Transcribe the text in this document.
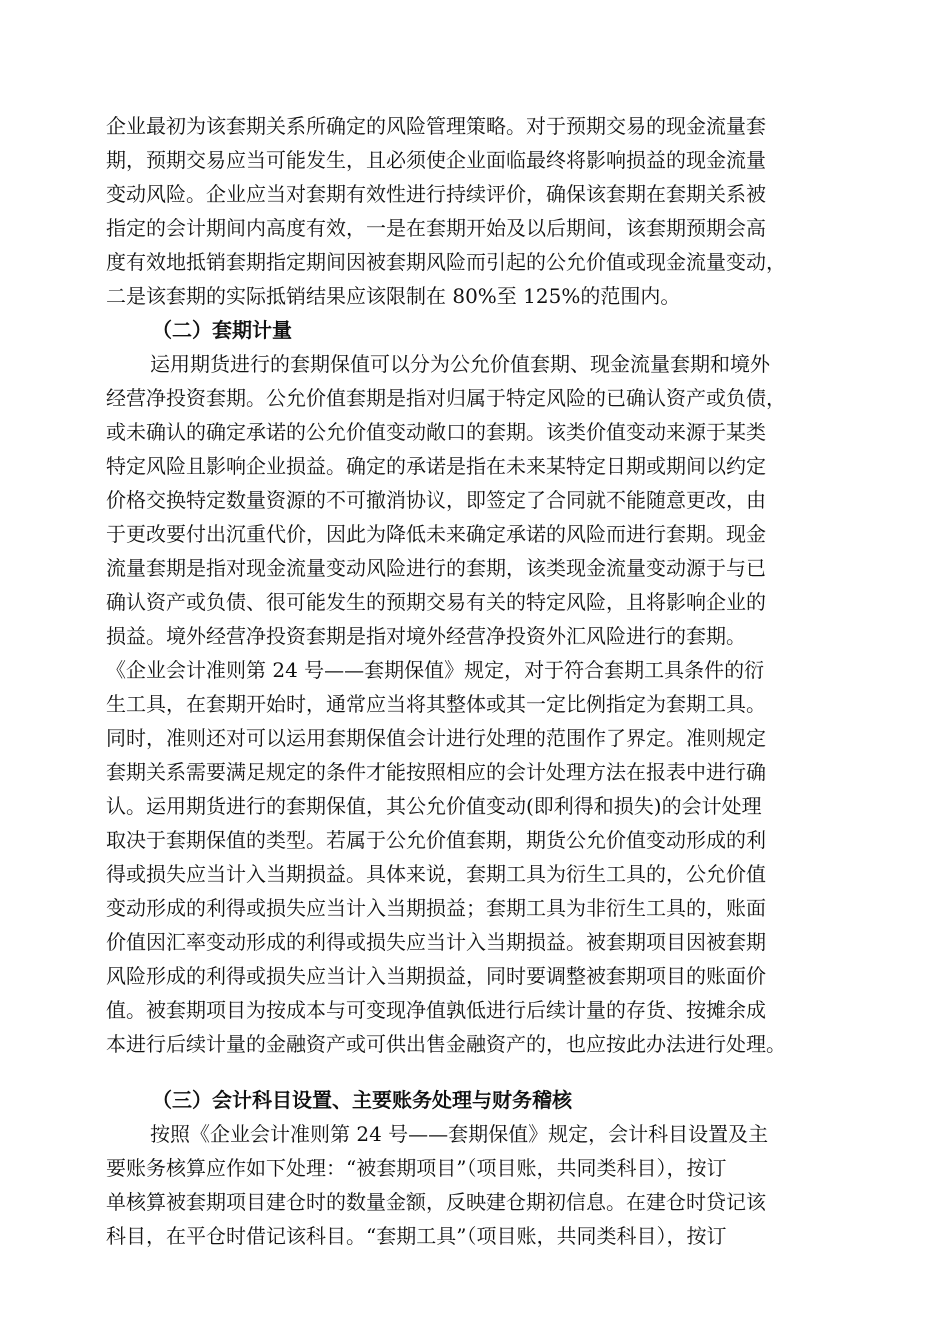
企业最初为该套期关系所确定的风险管理策略。对于预期交易的现金流量套
期，预期交易应当可能发生，且必须使企业面临最终将影响损益的现金流量
变动风险。企业应当对套期有效性进行持续评价，确保该套期在套期关系被
指定的会计期间内高度有效，一是在套期开始及以后期间，该套期预期会高
度有效地抵销套期指定期间因被套期风险而引起的公允价值或现金流量变动，
二是该套期的实际抵销结果应该限制在 80%至 125%的范围内。
（二）套期计量
运用期货进行的套期保值可以分为公允价值套期、现金流量套期和境外
经营净投资套期。公允价值套期是指对归属于特定风险的已确认资产或负债，
或未确认的确定承诺的公允价值变动敞口的套期。该类价值变动来源于某类
特定风险且影响企业损益。确定的承诺是指在未来某特定日期或期间以约定
价格交换特定数量资源的不可撤消协议，即签定了合同就不能随意更改，由
于更改要付出沉重代价，因此为降低未来确定承诺的风险而进行套期。现金
流量套期是指对现金流量变动风险进行的套期，该类现金流量变动源于与已
确认资产或负债、很可能发生的预期交易有关的特定风险，且将影响企业的
损益。境外经营净投资套期是指对境外经营净投资外汇风险进行的套期。
《企业会计准则第 24 号——套期保值》规定，对于符合套期工具条件的衍
生工具，在套期开始时，通常应当将其整体或其一定比例指定为套期工具。
同时，准则还对可以运用套期保值会计进行处理的范围作了界定。准则规定
套期关系需要满足规定的条件才能按照相应的会计处理方法在报表中进行确
认。运用期货进行的套期保值，其公允价值变动(即利得和损失)的会计处理
取决于套期保值的类型。若属于公允价值套期，期货公允价值变动形成的利
得或损失应当计入当期损益。具体来说，套期工具为衍生工具的，公允价值
变动形成的利得或损失应当计入当期损益；套期工具为非衍生工具的，账面
价值因汇率变动形成的利得或损失应当计入当期损益。被套期项目因被套期
风险形成的利得或损失应当计入当期损益，同时要调整被套期项目的账面价
值。被套期项目为按成本与可变现净值孰低进行后续计量的存货、按摊余成
本进行后续计量的金融资产或可供出售金融资产的，也应按此办法进行处理。
（三）会计科目设置、主要账务处理与财务稽核
按照《企业会计准则第 24 号——套期保值》规定，会计科目设置及主
要账务核算应作如下处理：“被套期项目”（项目账，共同类科目），按订
单核算被套期项目建仓时的数量金额，反映建仓期初信息。在建仓时贷记该
科目，在平仓时借记该科目。“套期工具”（项目账，共同类科目），按订
